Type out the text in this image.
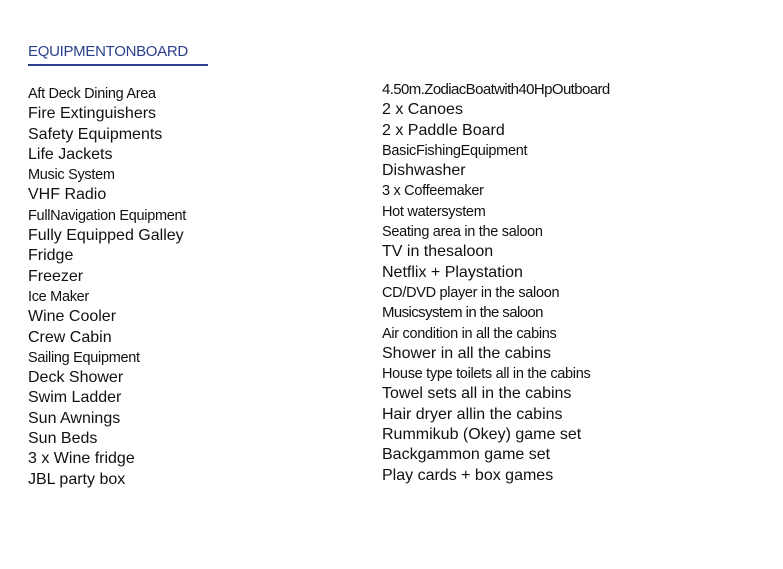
EQUIPMENTONBOARD
Aft Deck Dining Area
Fire Extinguishers
Safety Equipments
Life Jackets
Music System
VHF Radio
FullNavigation Equipment
Fully Equipped Galley
Fridge
Freezer
Ice Maker
Wine Cooler
Crew Cabin
Sailing Equipment
Deck Shower
Swim Ladder
Sun Awnings
Sun Beds
3 x Wine fridge
JBL party box
4.50m.ZodiacBoatwith40HpOutboard
2 x Canoes
2 x Paddle Board
BasicFishingEquipment
Dishwasher
3 x Coffeemaker
Hot watersystem
Seating area in the saloon
TV in thesaloon
Netflix + Playstation
CD/DVD player in the saloon
Musicsystem in the saloon
Air condition in all the cabins
Shower in all the cabins
House type toilets all in the cabins
Towel sets all in the cabins
Hair dryer allin the cabins
Rummikub (Okey) game set
Backgammon game set
Play cards + box games
